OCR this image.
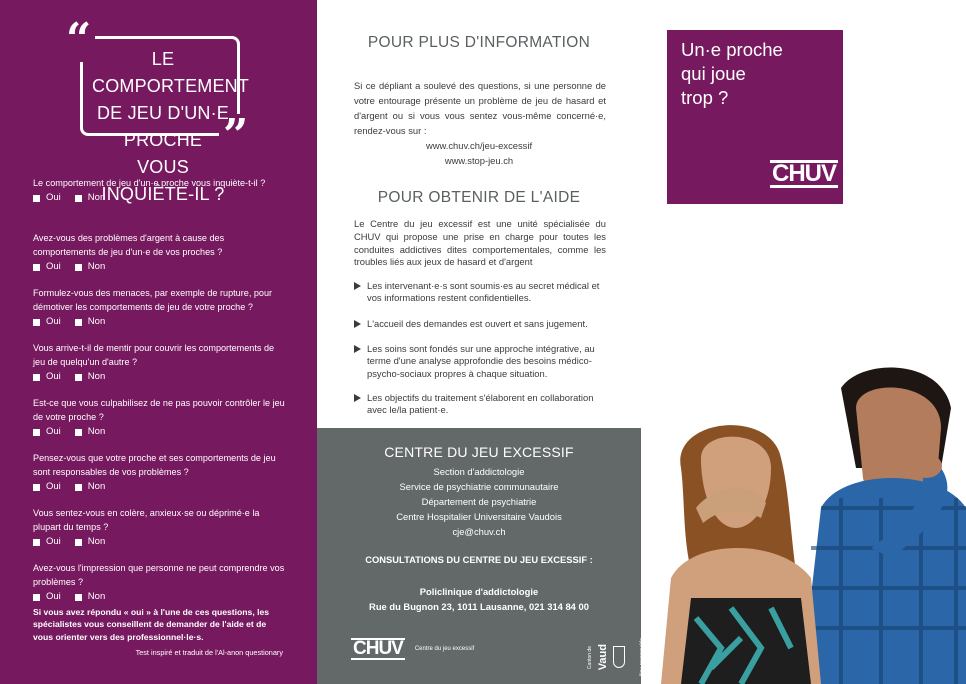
“
”
LE COMPORTEMENT
DE JEU D'UN·E PROCHE
VOUS INQUIÈTE-IL ?
Le comportement de jeu d'un·e proche vous inquiète-t-il ?
Oui	Non
Avez-vous des problèmes d'argent à cause des comportements de jeu d'un·e de vos proches ?
Oui	Non
Formulez-vous des menaces, par exemple de rupture, pour démotiver les comportements de jeu de votre proche ?
Oui	Non
Vous arrive-t-il de mentir pour couvrir les comportements de jeu de quelqu'un d'autre ?
Oui	Non
Est-ce que vous culpabilisez de ne pas pouvoir contrôler le jeu de votre proche ?
Oui	Non
Pensez-vous que votre proche et ses comportements de jeu sont responsables de vos problèmes ?
Oui	Non
Vous sentez-vous en colère, anxieux·se ou déprimé·e la plupart du temps ?
Oui	Non
Avez-vous l'impression que personne ne peut comprendre vos problèmes ?
Oui	Non
Si vous avez répondu « oui » à l'une de ces questions, les spécialistes vous conseillent de demander de l'aide et de vous orienter vers des professionnel·le·s.
Test inspiré et traduit de l'Al-anon questionary
POUR PLUS D'INFORMATION
Si ce dépliant a soulevé des questions, si une personne de votre entourage présente un problème de jeu de hasard et d'argent ou si vous vous sentez vous-même concerné·e, rendez-vous sur :
www.chuv.ch/jeu-excessif
www.stop-jeu.ch
POUR OBTENIR DE L'AIDE
Le Centre du jeu excessif est une unité spécialisée du CHUV qui propose une prise en charge pour toutes les conduites addictives dites comportementales, comme les troubles liés aux jeux de hasard et d'argent
Les intervenant·e·s sont soumis·es au secret médical et vos informations restent confidentielles.
L'accueil des demandes est ouvert et sans jugement.
Les soins sont fondés sur une approche intégrative, au terme d'une analyse approfondie des besoins médico-psycho-sociaux propres à chaque situation.
Les objectifs du traitement s'élaborent en collaboration avec le/la patient·e.
CENTRE DU JEU EXCESSIF
Section d'addictologie
Service de psychiatrie communautaire
Département de psychiatrie
Centre Hospitalier Universitaire Vaudois
cje@chuv.ch
CONSULTATIONS DU CENTRE DU JEU EXCESSIF :
Policlinique d'addictologie
Rue du Bugnon 23, 1011 Lausanne, 021 314 84 00
CHUV	Centre du jeu excessif	Canton de Vaud
Un·e proche
qui joue
trop ?
CHUV
